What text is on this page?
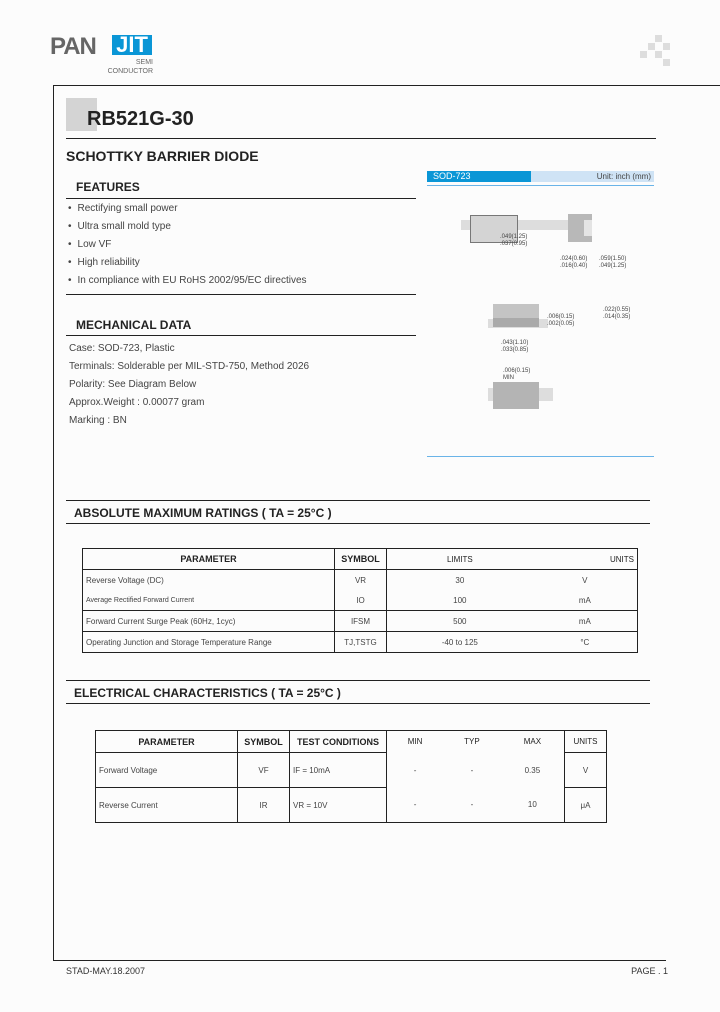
PAN JIT
SEMI
CONDUCTOR
RB521G-30
SCHOTTKY BARRIER DIODE
FEATURES
• Rectifying small power
• Ultra small mold type
• Low VF
• High reliability
• In compliance with EU RoHS 2002/95/EC directives
MECHANICAL DATA
Case: SOD-723, Plastic
Terminals: Solderable per MIL-STD-750, Method 2026
Polarity: See Diagram Below
Approx.Weight : 0.00077 gram
Marking : BN
SOD-723	Unit: inch (mm)
.049(1.25)
.037(0.95)
.024(0.60)
.016(0.40)
.059(1.50)
.049(1.25)
.022(0.55)
.014(0.35)
.006(0.15)
.002(0.05)
.043(1.10)
.033(0.85)
.006(0.15)
MIN
ABSOLUTE MAXIMUM RATINGS ( TA = 25°C )
PARAMETER	SYMBOL	LIMITS	UNITS
Reverse Voltage (DC)	VR	30	V
Average Rectified Forward Current	IO	100	mA
Forward Current Surge Peak (60Hz, 1cyc)	IFSM	500	mA
Operating Junction and Storage Temperature Range	TJ,TSTG	-40 to 125	°C
ELECTRICAL CHARACTERISTICS ( TA = 25°C )
PARAMETER	SYMBOL	TEST CONDITIONS	MIN	TYP	MAX	UNITS
Forward Voltage	VF	IF = 10mA	-	-	0.35	V
Reverse Current	IR	VR = 10V	-	-	10	μA
STAD-MAY.18.2007	PAGE . 1
